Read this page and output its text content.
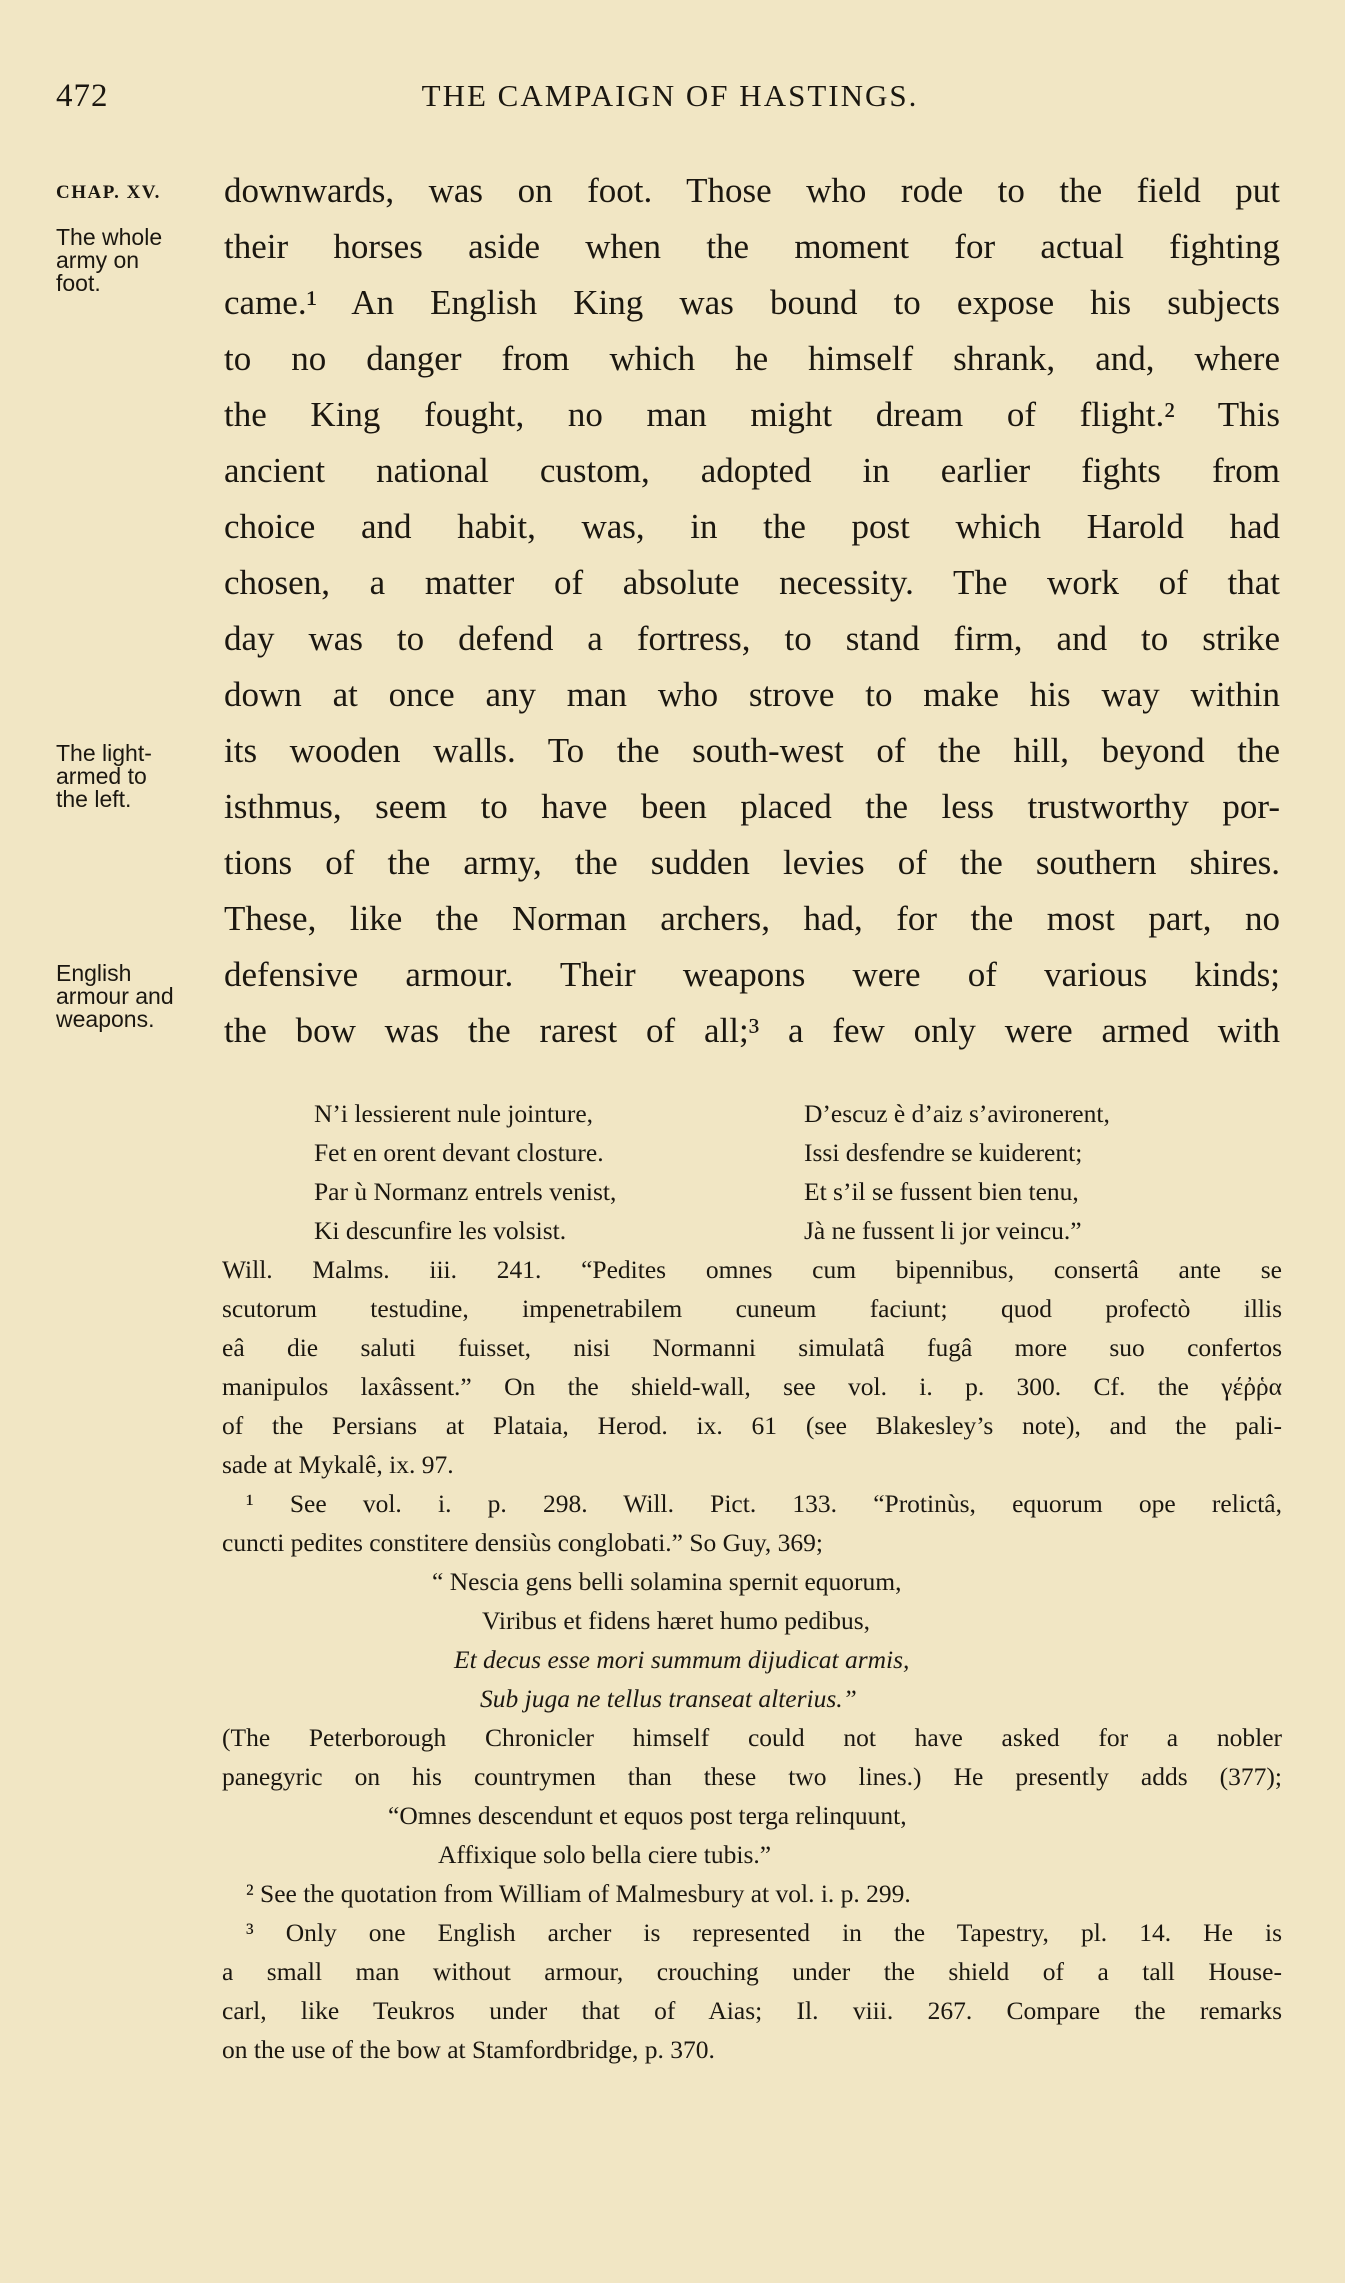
472	THE CAMPAIGN OF HASTINGS.
CHAP. XV.
The whole
army on
foot.
The light-
armed to
the left.
English
armour and
weapons.
downwards, was on foot. Those who rode to the field put
their horses aside when the moment for actual fighting
came.¹ An English King was bound to expose his subjects
to no danger from which he himself shrank, and, where
the King fought, no man might dream of flight.² This
ancient national custom, adopted in earlier fights from
choice and habit, was, in the post which Harold had
chosen, a matter of absolute necessity. The work of that
day was to defend a fortress, to stand firm, and to strike
down at once any man who strove to make his way within
its wooden walls. To the south-west of the hill, beyond the
isthmus, seem to have been placed the less trustworthy por-
tions of the army, the sudden levies of the southern shires.
These, like the Norman archers, had, for the most part, no
defensive armour. Their weapons were of various kinds;
the bow was the rarest of all;³ a few only were armed with
N’i lessierent nule jointure,
Fet en orent devant closture.
Par ù Normanz entrels venist,
Ki descunfire les volsist.
D’escuz è d’aiz s’avironerent,
Issi desfendre se kuiderent;
Et s’il se fussent bien tenu,
Jà ne fussent li jor veincu.”
Will. Malms. iii. 241. “Pedites omnes cum bipennibus, consertâ ante se
scutorum testudine, impenetrabilem cuneum faciunt; quod profectò illis
eâ die saluti fuisset, nisi Normanni simulatâ fugâ more suo confertos
manipulos laxâssent.” On the shield-wall, see vol. i. p. 300. Cf. the γέῤῥα
of the Persians at Plataia, Herod. ix. 61 (see Blakesley’s note), and the pali-
sade at Mykalê, ix. 97.
¹ See vol. i. p. 298. Will. Pict. 133. “Protinùs, equorum ope relictâ,
cuncti pedites constitere densiùs conglobati.” So Guy, 369;
“ Nescia gens belli solamina spernit equorum,
Viribus et fidens hæret humo pedibus,
Et decus esse mori summum dijudicat armis,
Sub juga ne tellus transeat alterius.”
(The Peterborough Chronicler himself could not have asked for a nobler
panegyric on his countrymen than these two lines.) He presently adds (377);
“Omnes descendunt et equos post terga relinquunt,
Affixique solo bella ciere tubis.”
² See the quotation from William of Malmesbury at vol. i. p. 299.
³ Only one English archer is represented in the Tapestry, pl. 14. He is
a small man without armour, crouching under the shield of a tall House-
carl, like Teukros under that of Aias; Il. viii. 267. Compare the remarks
on the use of the bow at Stamfordbridge, p. 370.
